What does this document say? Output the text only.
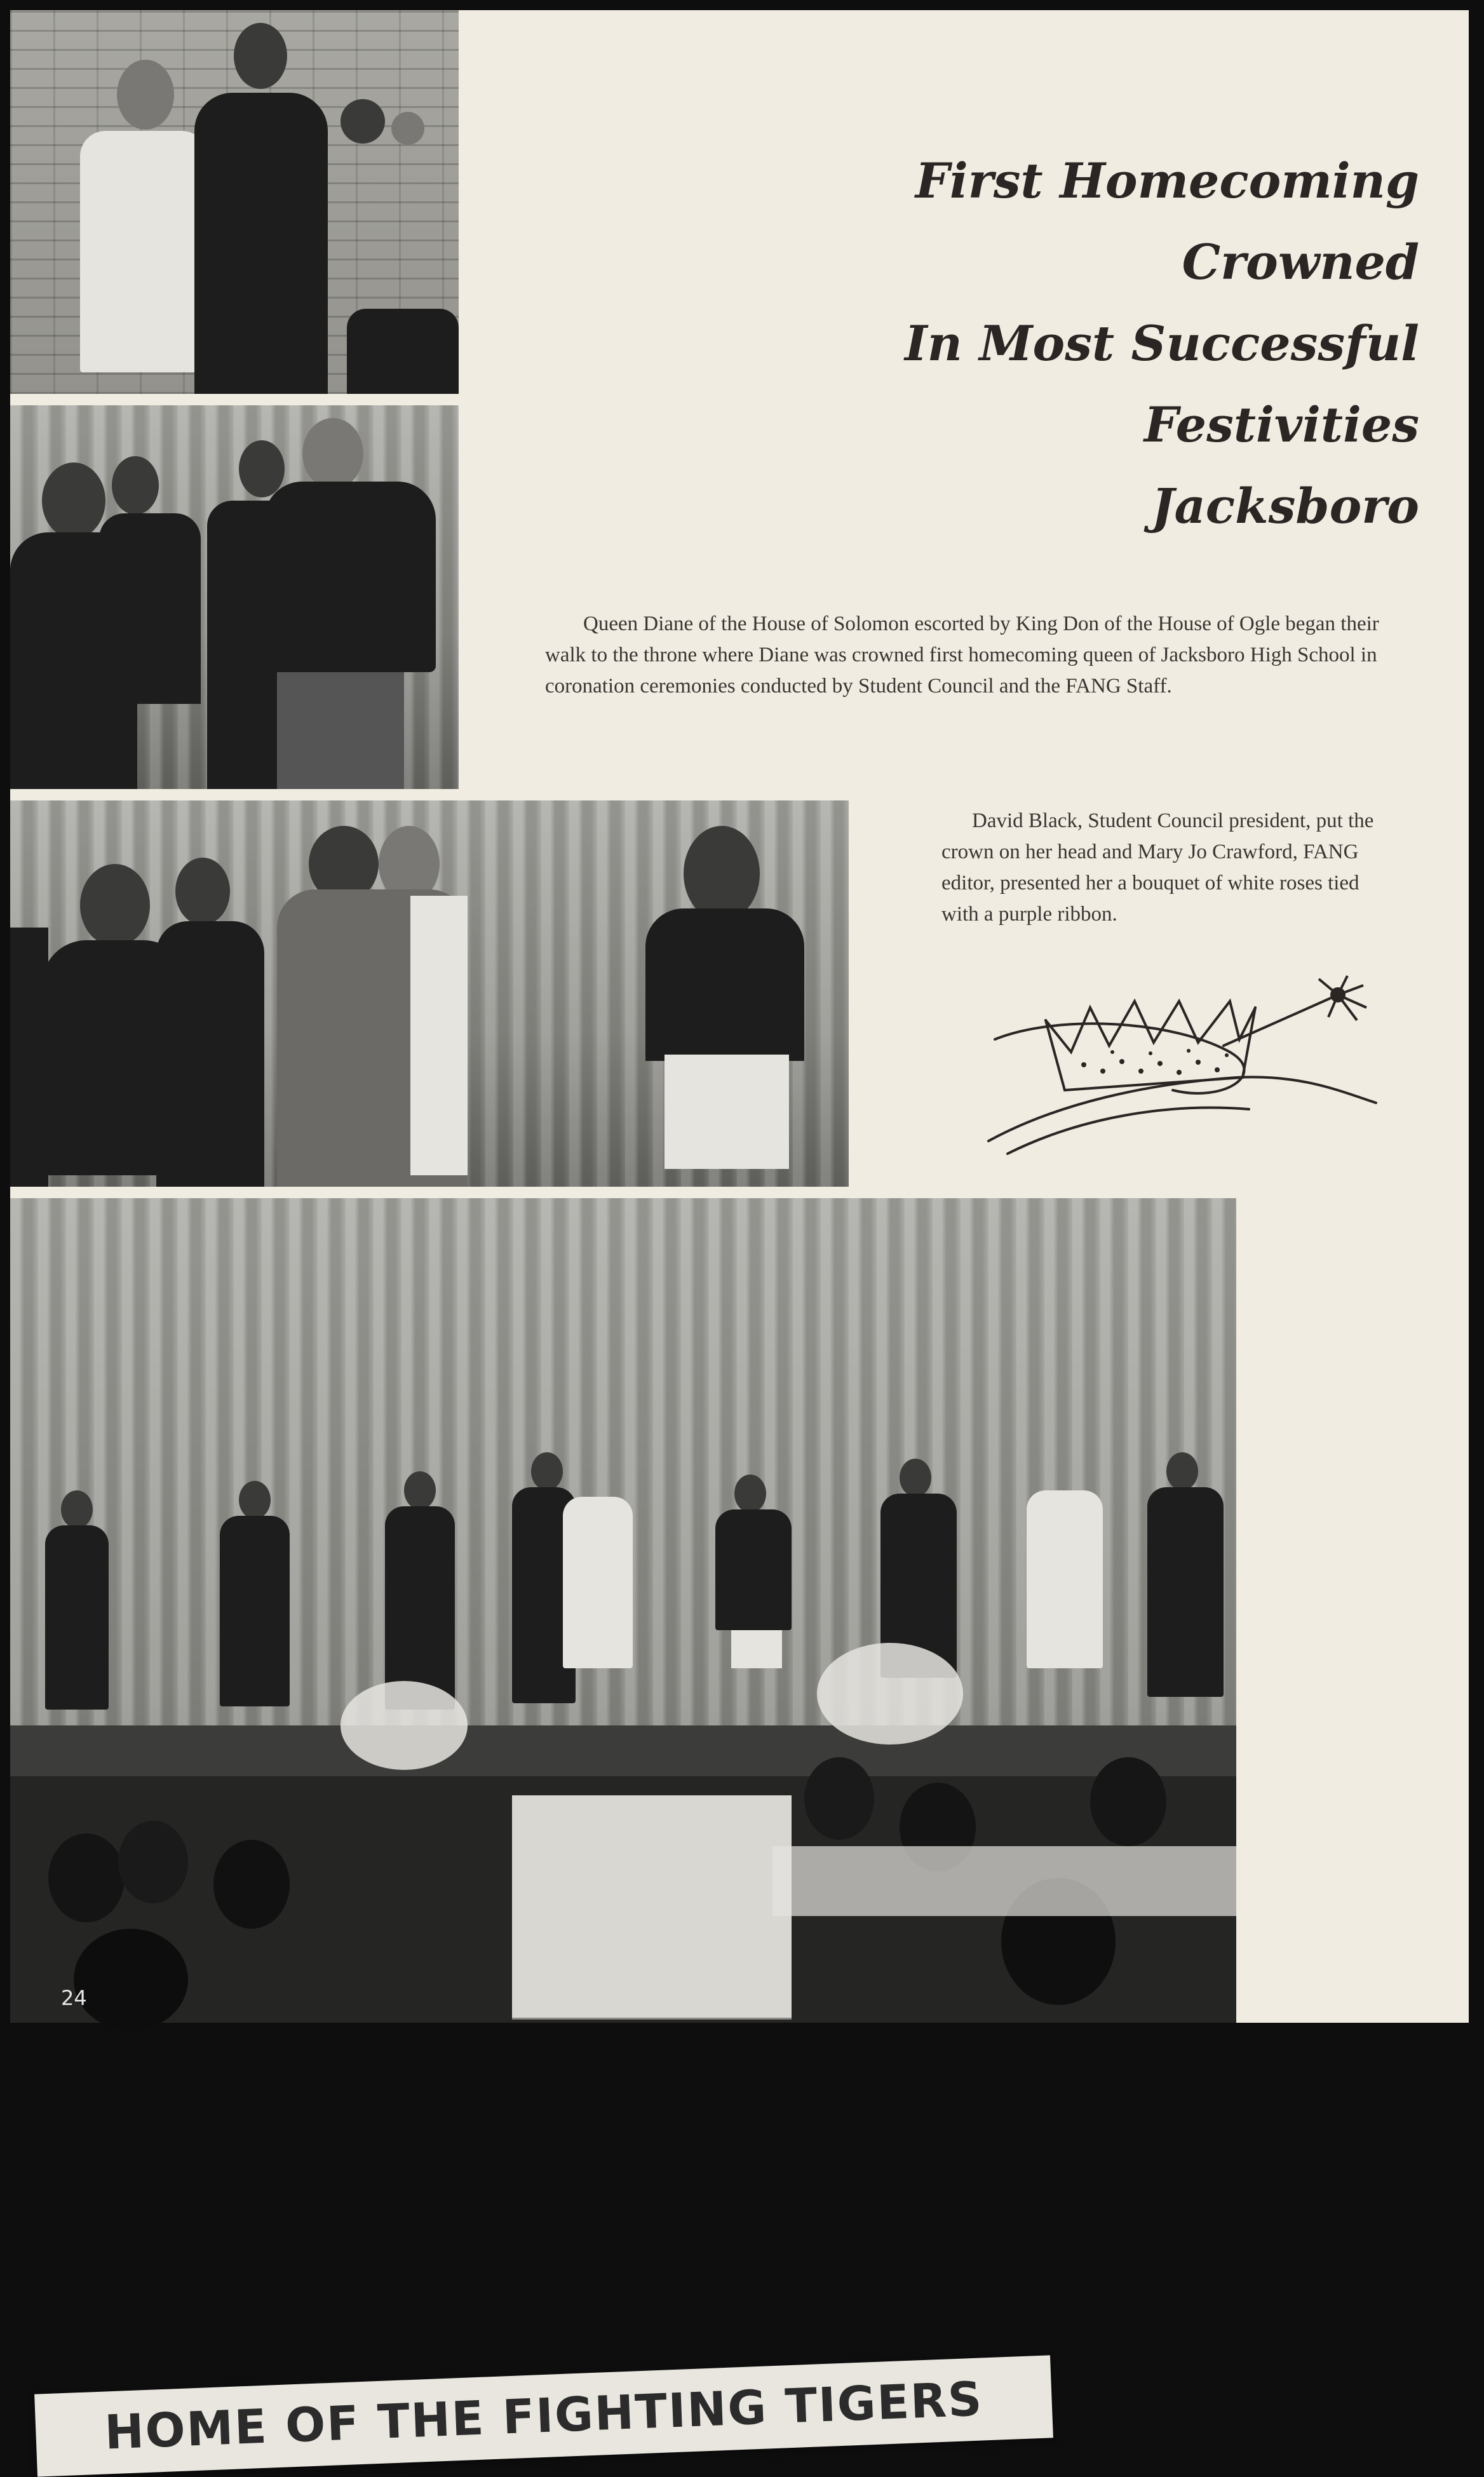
HOME OF THE FIGHTING TIGERS
24
First Homecoming
Crowned
In Most Successful
Festivities
Jacksboro
Queen Diane of the House of Solomon escorted by King Don of the House of Ogle began their walk to the throne where Diane was crowned first homecoming queen of Jacksboro High School in coronation ceremonies conducted by Student Council and the FANG Staff.
David Black, Student Council president, put the crown on her head and Mary Jo Crawford, FANG editor, presented her a bouquet of white roses tied with a purple ribbon.
